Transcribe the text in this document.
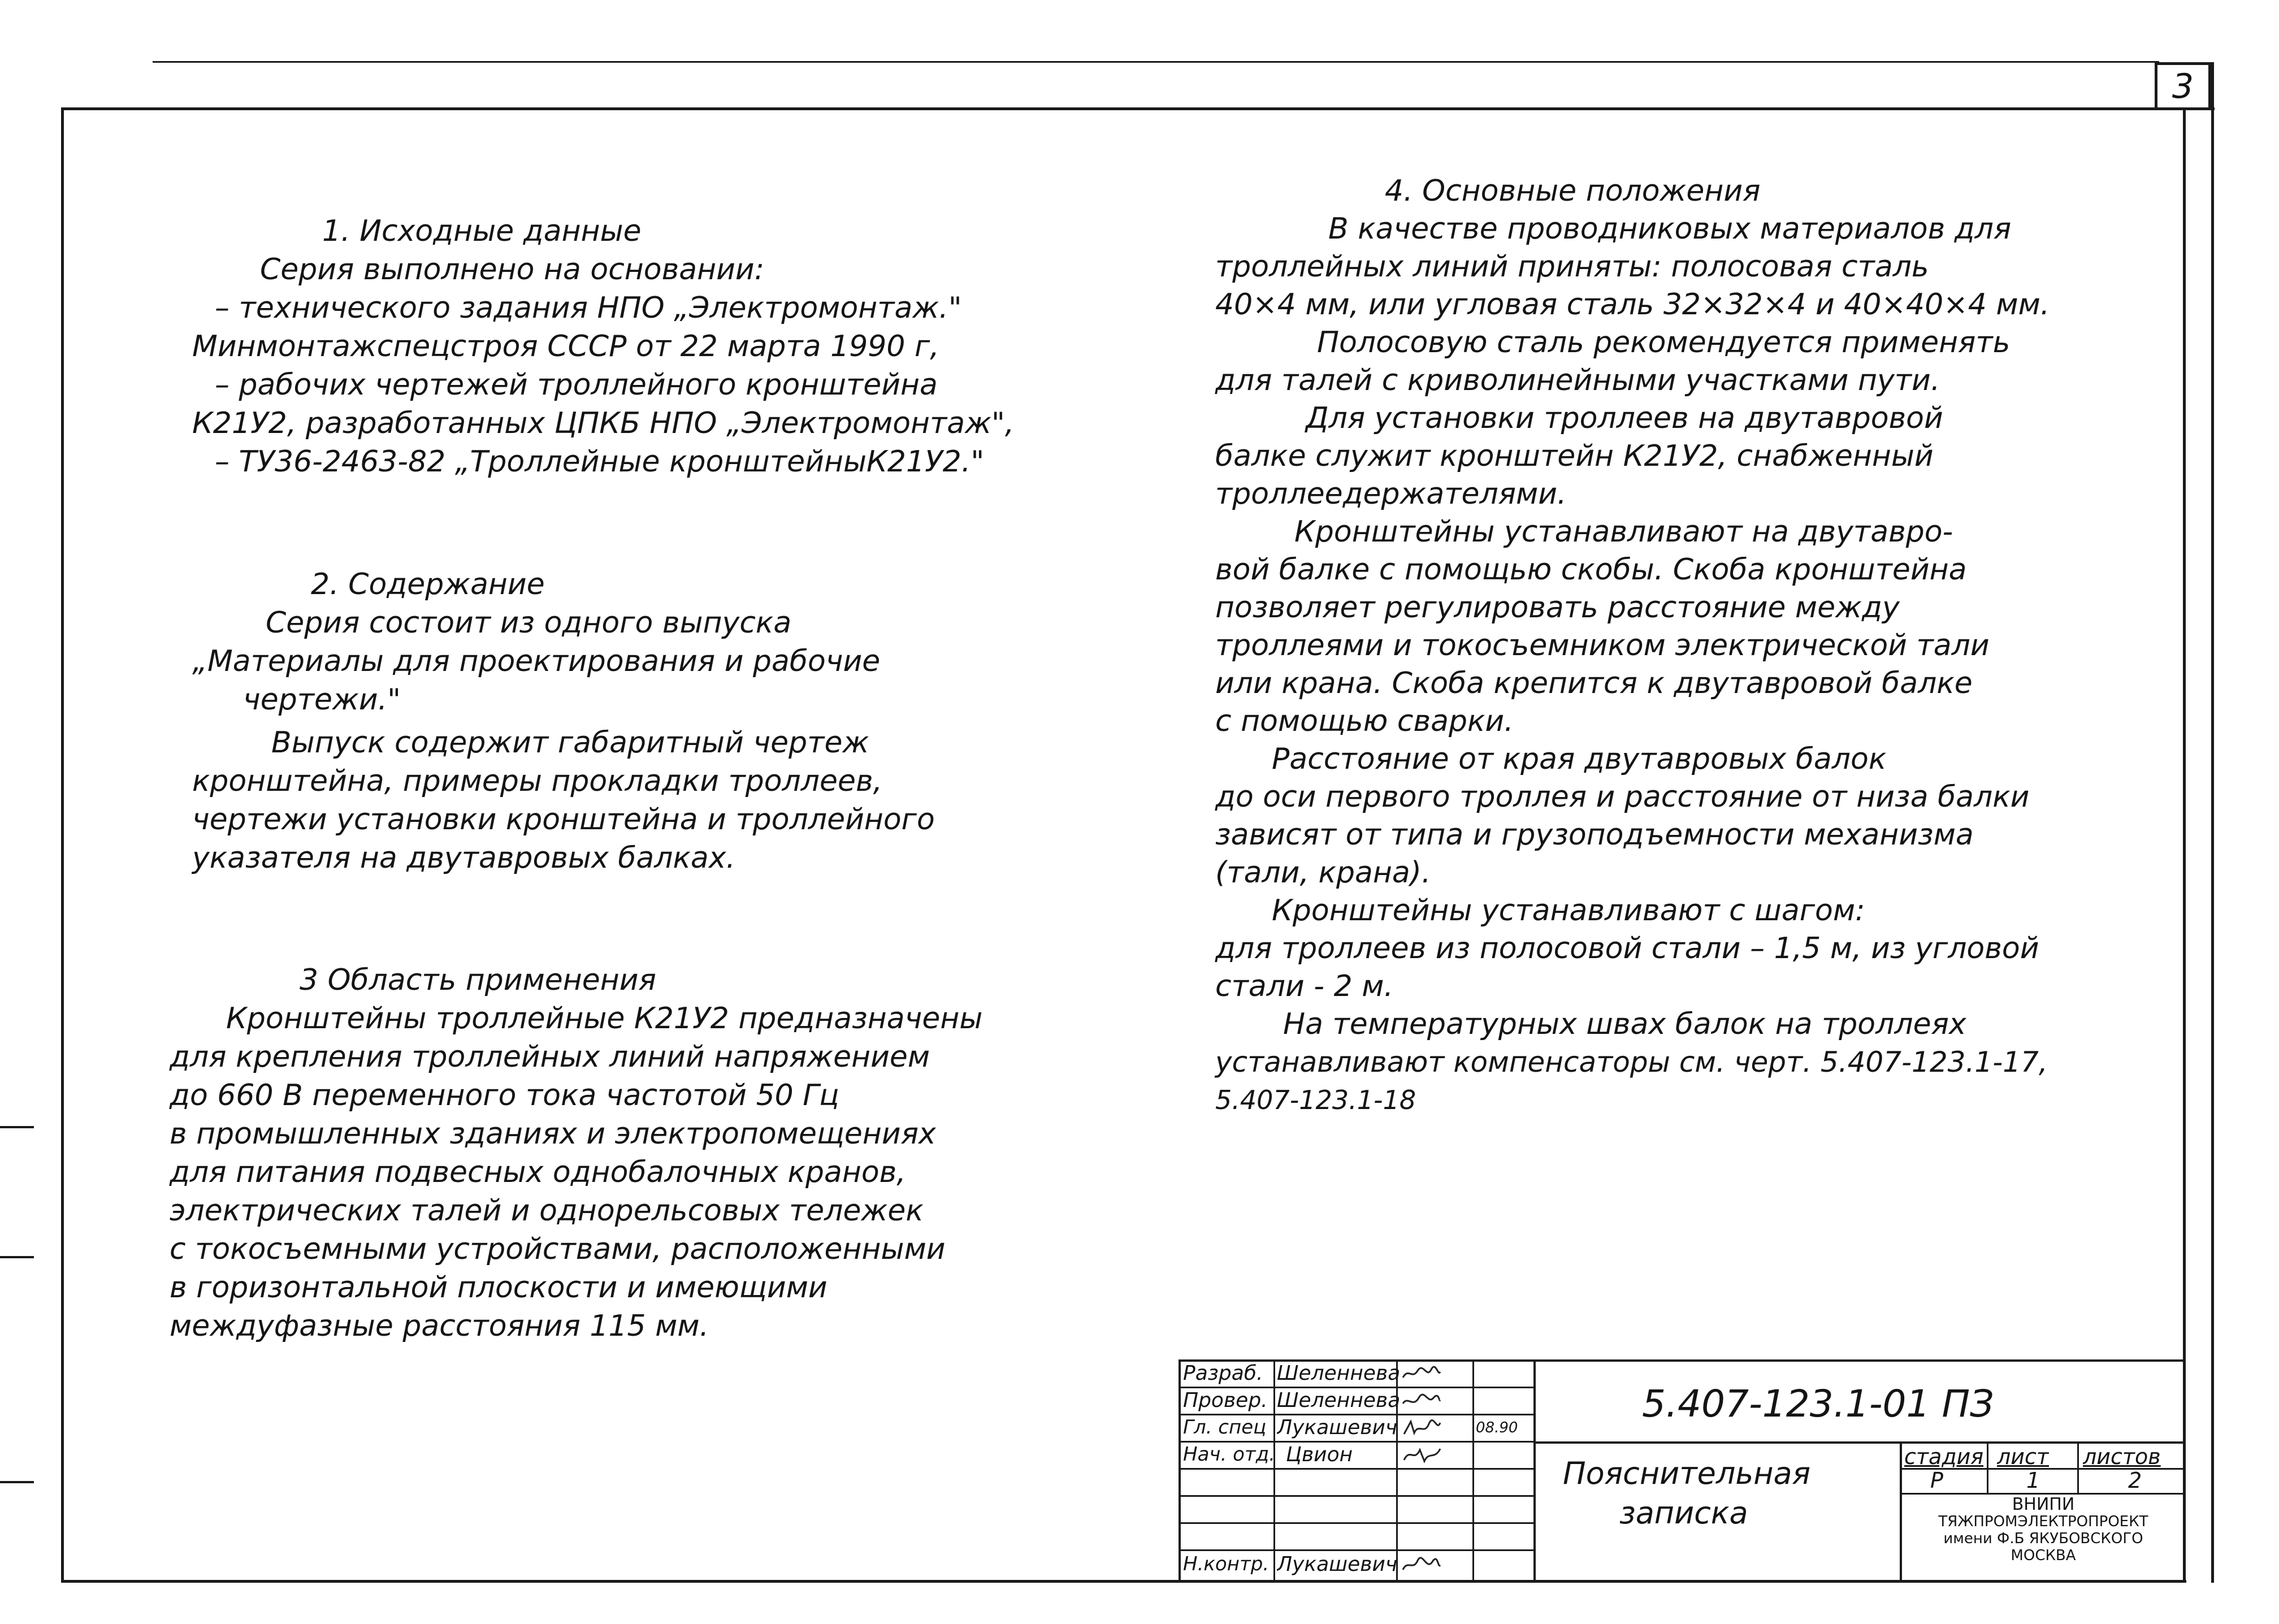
3
1. Исходные данные
Серия выполнено на основании:
– технического задания НПО „Электромонтаж."
Минмонтажспецстроя СССР от 22 марта 1990 г,
– рабочих чертежей троллейного кронштейна
К21У2, разработанных ЦПКБ НПО „Электромонтаж",
– ТУ36-2463-82 „Троллейные кронштейныК21У2."
2. Содержание
Серия состоит из одного выпуска
„Материалы для проектирования и рабочие
чертежи."
Выпуск содержит габаритный чертеж
кронштейна, примеры прокладки троллеев,
чертежи установки кронштейна и троллейного
указателя на двутавровых балках.
3 Область применения
Кронштейны троллейные К21У2 предназначены
для крепления троллейных линий напряжением
до 660 В переменного тока частотой 50 Гц
в промышленных зданиях и электропомещениях
для питания подвесных однобалочных кранов,
электрических талей и однорельсовых тележек
с токосъемными устройствами, расположенными
в горизонтальной плоскости и имеющими
междуфазные расстояния 115 мм.
4. Основные положения
В качестве проводниковых материалов для
троллейных линий приняты: полосовая сталь
40×4 мм, или угловая сталь 32×32×4 и 40×40×4 мм.
Полосовую сталь рекомендуется применять
для талей с криволинейными участками пути.
Для установки троллеев на двутавровой
балке служит кронштейн К21У2, снабженный
троллеедержателями.
Кронштейны устанавливают на двутавро-
вой балке с помощью скобы. Скоба кронштейна
позволяет регулировать расстояние между
троллеями и токосъемником электрической тали
или крана. Скоба крепится к двутавровой балке
с помощью сварки.
Расстояние от края двутавровых балок
до оси первого троллея и расстояние от низа балки
зависят от типа и грузоподъемности механизма
(тали, крана).
Кронштейны устанавливают с шагом:
для троллеев из полосовой стали – 1,5 м, из угловой
стали - 2 м.
На температурных швах балок на троллеях
устанавливают компенсаторы см. черт. 5.407-123.1-17,
5.407-123.1-18
Разраб. Шеленнева
Провер. Шеленнева
Гл. спец Лукашевич	08.90
Нач. отд. Цвион
Н.контр. Лукашевич
5.407-123.1-01 ПЗ
Пояснительная
записка
стадия лист листов
Р	1	2
ВНИПИ
ТЯЖПРОМЭЛЕКТРОПРОЕКТ
имени Ф.Б ЯКУБОВСКОГО
МОСКВА
